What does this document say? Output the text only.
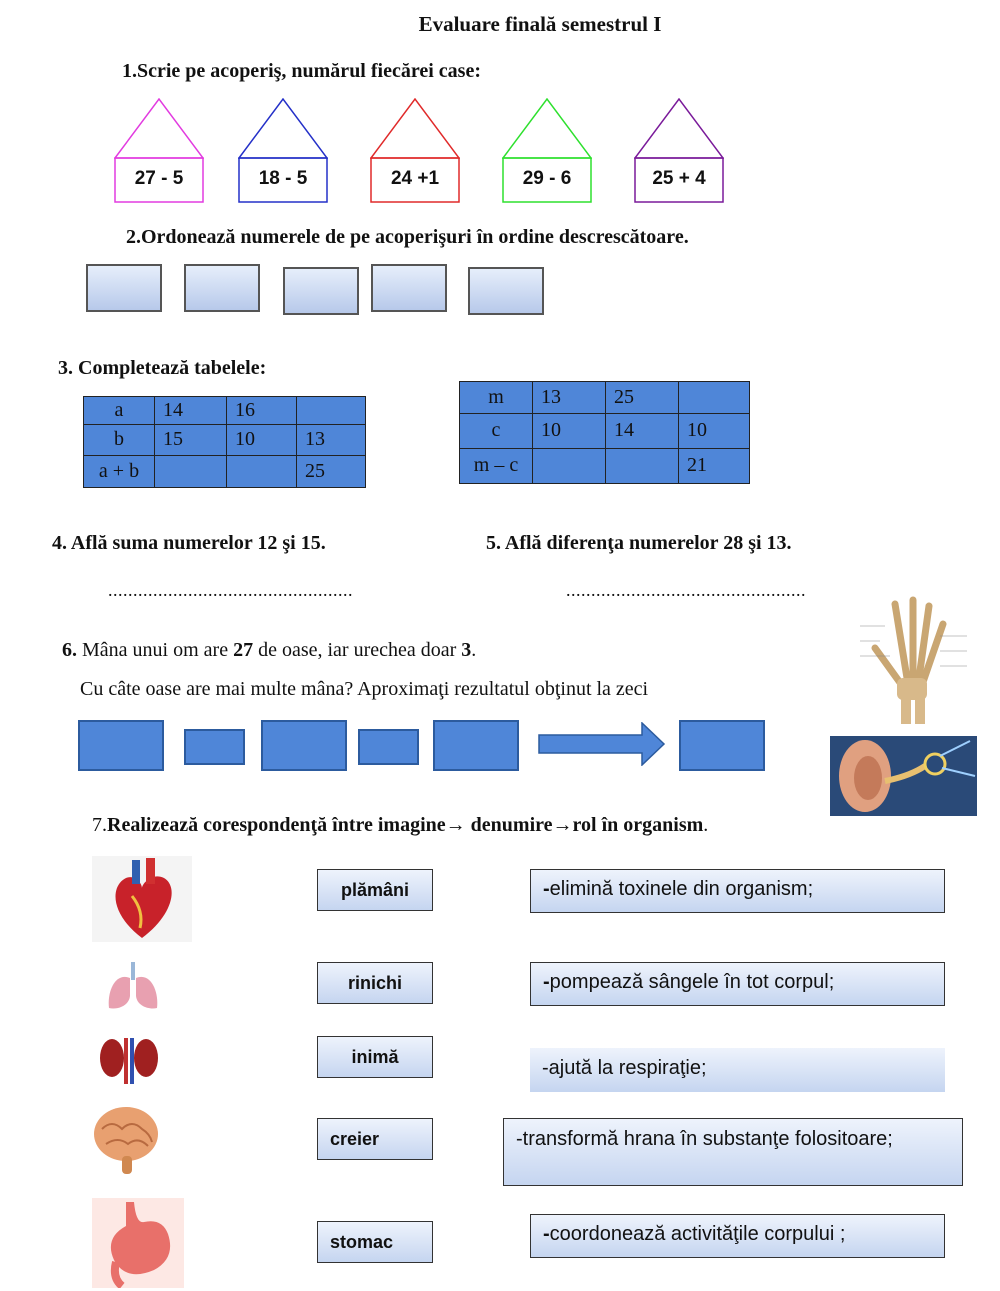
Evaluare finală semestrul I
1.Scrie pe acoperiş, numărul fiecărei case:
27 - 5	18 - 5	24 +1	29 - 6	25 + 4
2.Ordonează numerele de pe acoperişuri în ordine descrescătoare.
3. Completează tabelele:
a	14	16	
b	15	10	13
a + b			25
m	13	25	
c	10	14	10
m – c			21
4. Află suma numerelor 12 şi 15.	5. Află diferenţa numerelor 28 şi 13.
.................................................	................................................
6. Mâna unui om are 27 de oase, iar urechea doar 3.
Cu câte oase are mai multe mâna? Aproximaţi rezultatul obţinut la zeci
7.Realizează corespondenţă între imagine→ denumire→rol în organism.
plămâni
rinichi
inimă
creier
stomac
-elimină toxinele din organism;
-pompează sângele în tot corpul;
-ajută la respiraţie;
-transformă hrana în substanţe folositoare;
-coordonează activităţile corpului ;
